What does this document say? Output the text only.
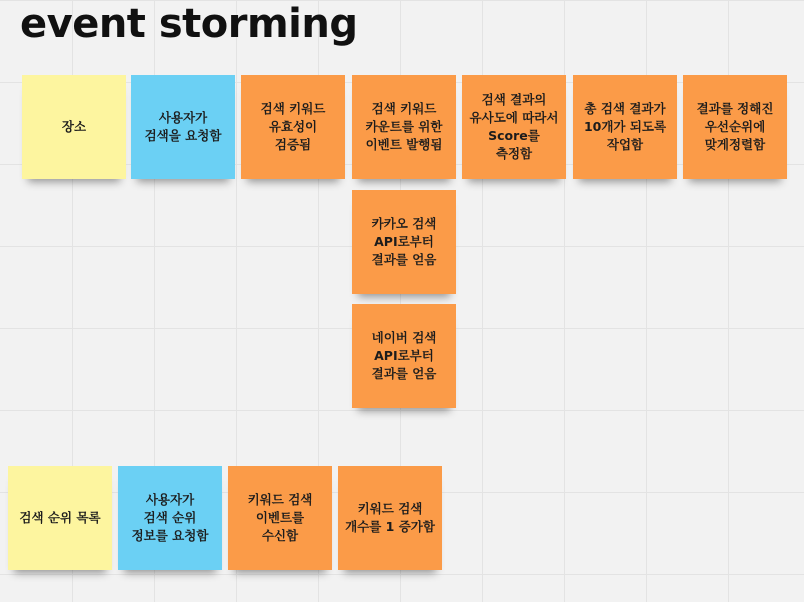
event storming
장소
사용자가
검색을 요청함
검색 키워드
유효성이
검증됨
검색 키워드
카운트를 위한
이벤트 발행됨
검색 결과의
유사도에 따라서
Score를
측정함
총 검색 결과가
10개가 되도록
작업함
결과를 정해진
우선순위에
맞게정렬함
카카오 검색
API로부터
결과를 얻음
네이버 검색
API로부터
결과를 얻음
검색 순위 목록
사용자가
검색 순위
정보를 요청함
키워드 검색
이벤트를
수신함
키워드 검색
개수를 1 증가함
